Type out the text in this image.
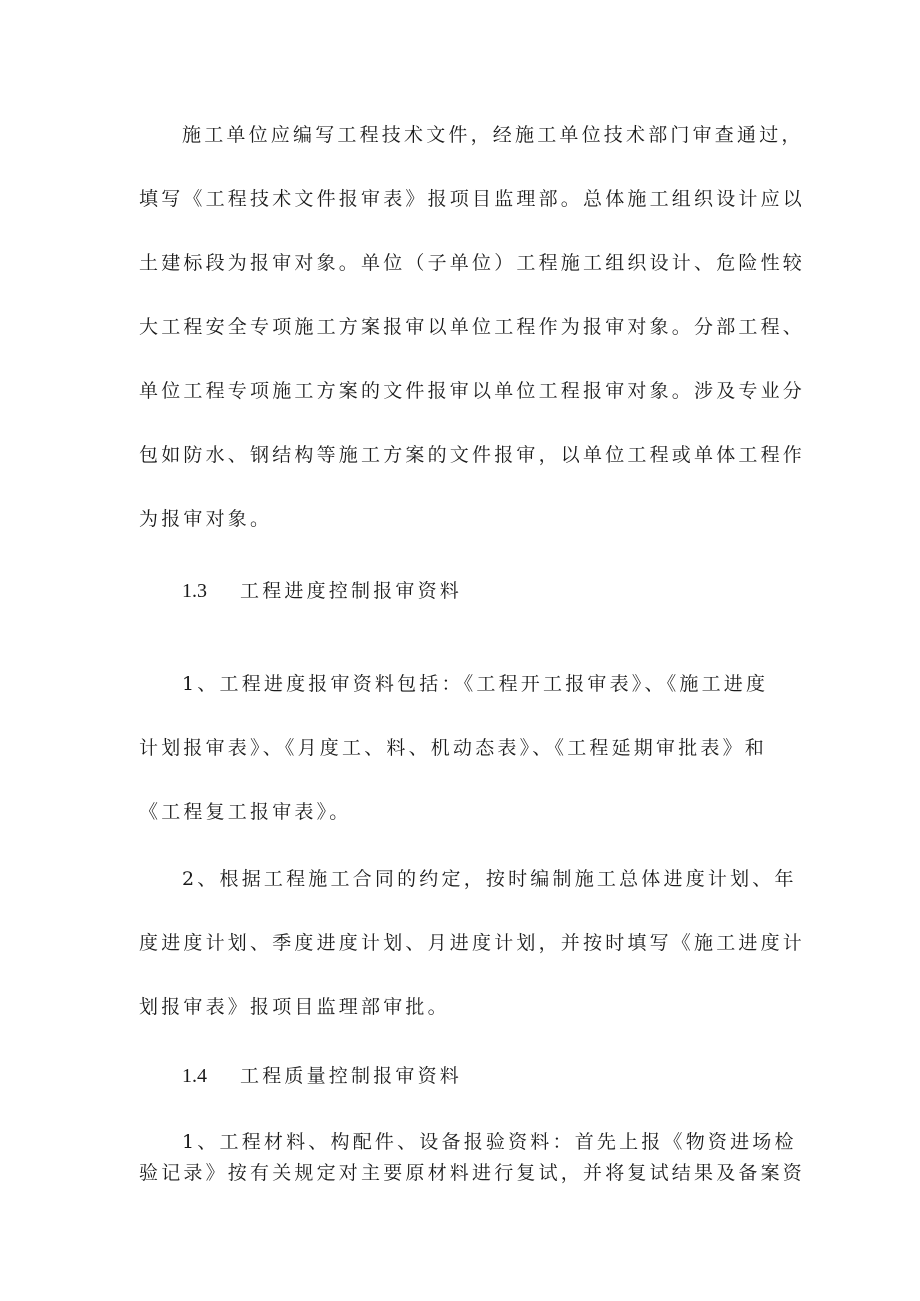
施工单位应编写工程技术文件，经施工单位技术部门审查通过，
填写《工程技术文件报审表》报项目监理部。总体施工组织设计应以
土建标段为报审对象。单位（子单位）工程施工组织设计、危险性较
大工程安全专项施工方案报审以单位工程作为报审对象。分部工程、
单位工程专项施工方案的文件报审以单位工程报审对象。涉及专业分
包如防水、钢结构等施工方案的文件报审，以单位工程或单体工程作
为报审对象。
1.3 工程进度控制报审资料
1、工程进度报审资料包括：《工程开工报审表》、《施工进度
计划报审表》、《月度工、料、机动态表》、《工程延期审批表》和
《工程复工报审表》。
2、根据工程施工合同的约定，按时编制施工总体进度计划、年
度进度计划、季度进度计划、月进度计划，并按时填写《施工进度计
划报审表》报项目监理部审批。
1.4 工程质量控制报审资料
1、工程材料、构配件、设备报验资料：首先上报《物资进场检
验记录》按有关规定对主要原材料进行复试，并将复试结果及备案资
